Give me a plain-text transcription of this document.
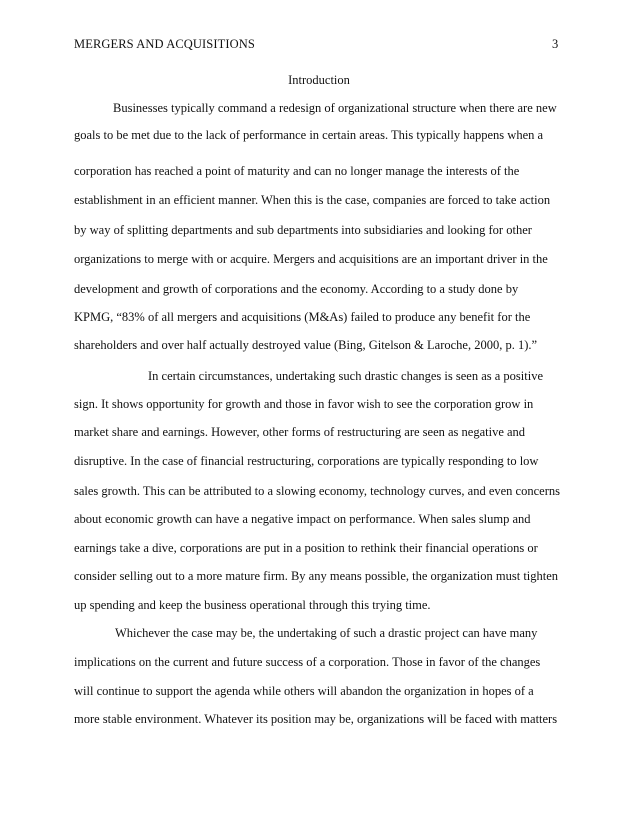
MERGERS AND ACQUISITIONS	3
Introduction
Businesses typically command a redesign of organizational structure when there are new
goals to be met due to the lack of performance in certain areas. This typically happens when a
corporation has reached a point of maturity and can no longer manage the interests of the
establishment in an efficient manner. When this is the case, companies are forced to take action
by way of splitting departments and sub departments into subsidiaries and looking for other
organizations to merge with or acquire. Mergers and acquisitions are an important driver in the
development and growth of corporations and the economy. According to a study done by
KPMG, “83% of all mergers and acquisitions (M&As) failed to produce any benefit for the
shareholders and over half actually destroyed value (Bing, Gitelson & Laroche, 2000, p. 1).”
In certain circumstances, undertaking such drastic changes is seen as a positive
sign. It shows opportunity for growth and those in favor wish to see the corporation grow in
market share and earnings. However, other forms of restructuring are seen as negative and
disruptive. In the case of financial restructuring, corporations are typically responding to low
sales growth. This can be attributed to a slowing economy, technology curves, and even concerns
about economic growth can have a negative impact on performance. When sales slump and
earnings take a dive, corporations are put in a position to rethink their financial operations or
consider selling out to a more mature firm. By any means possible, the organization must tighten
up spending and keep the business operational through this trying time.
Whichever the case may be, the undertaking of such a drastic project can have many
implications on the current and future success of a corporation. Those in favor of the changes
will continue to support the agenda while others will abandon the organization in hopes of a
more stable environment. Whatever its position may be, organizations will be faced with matters
